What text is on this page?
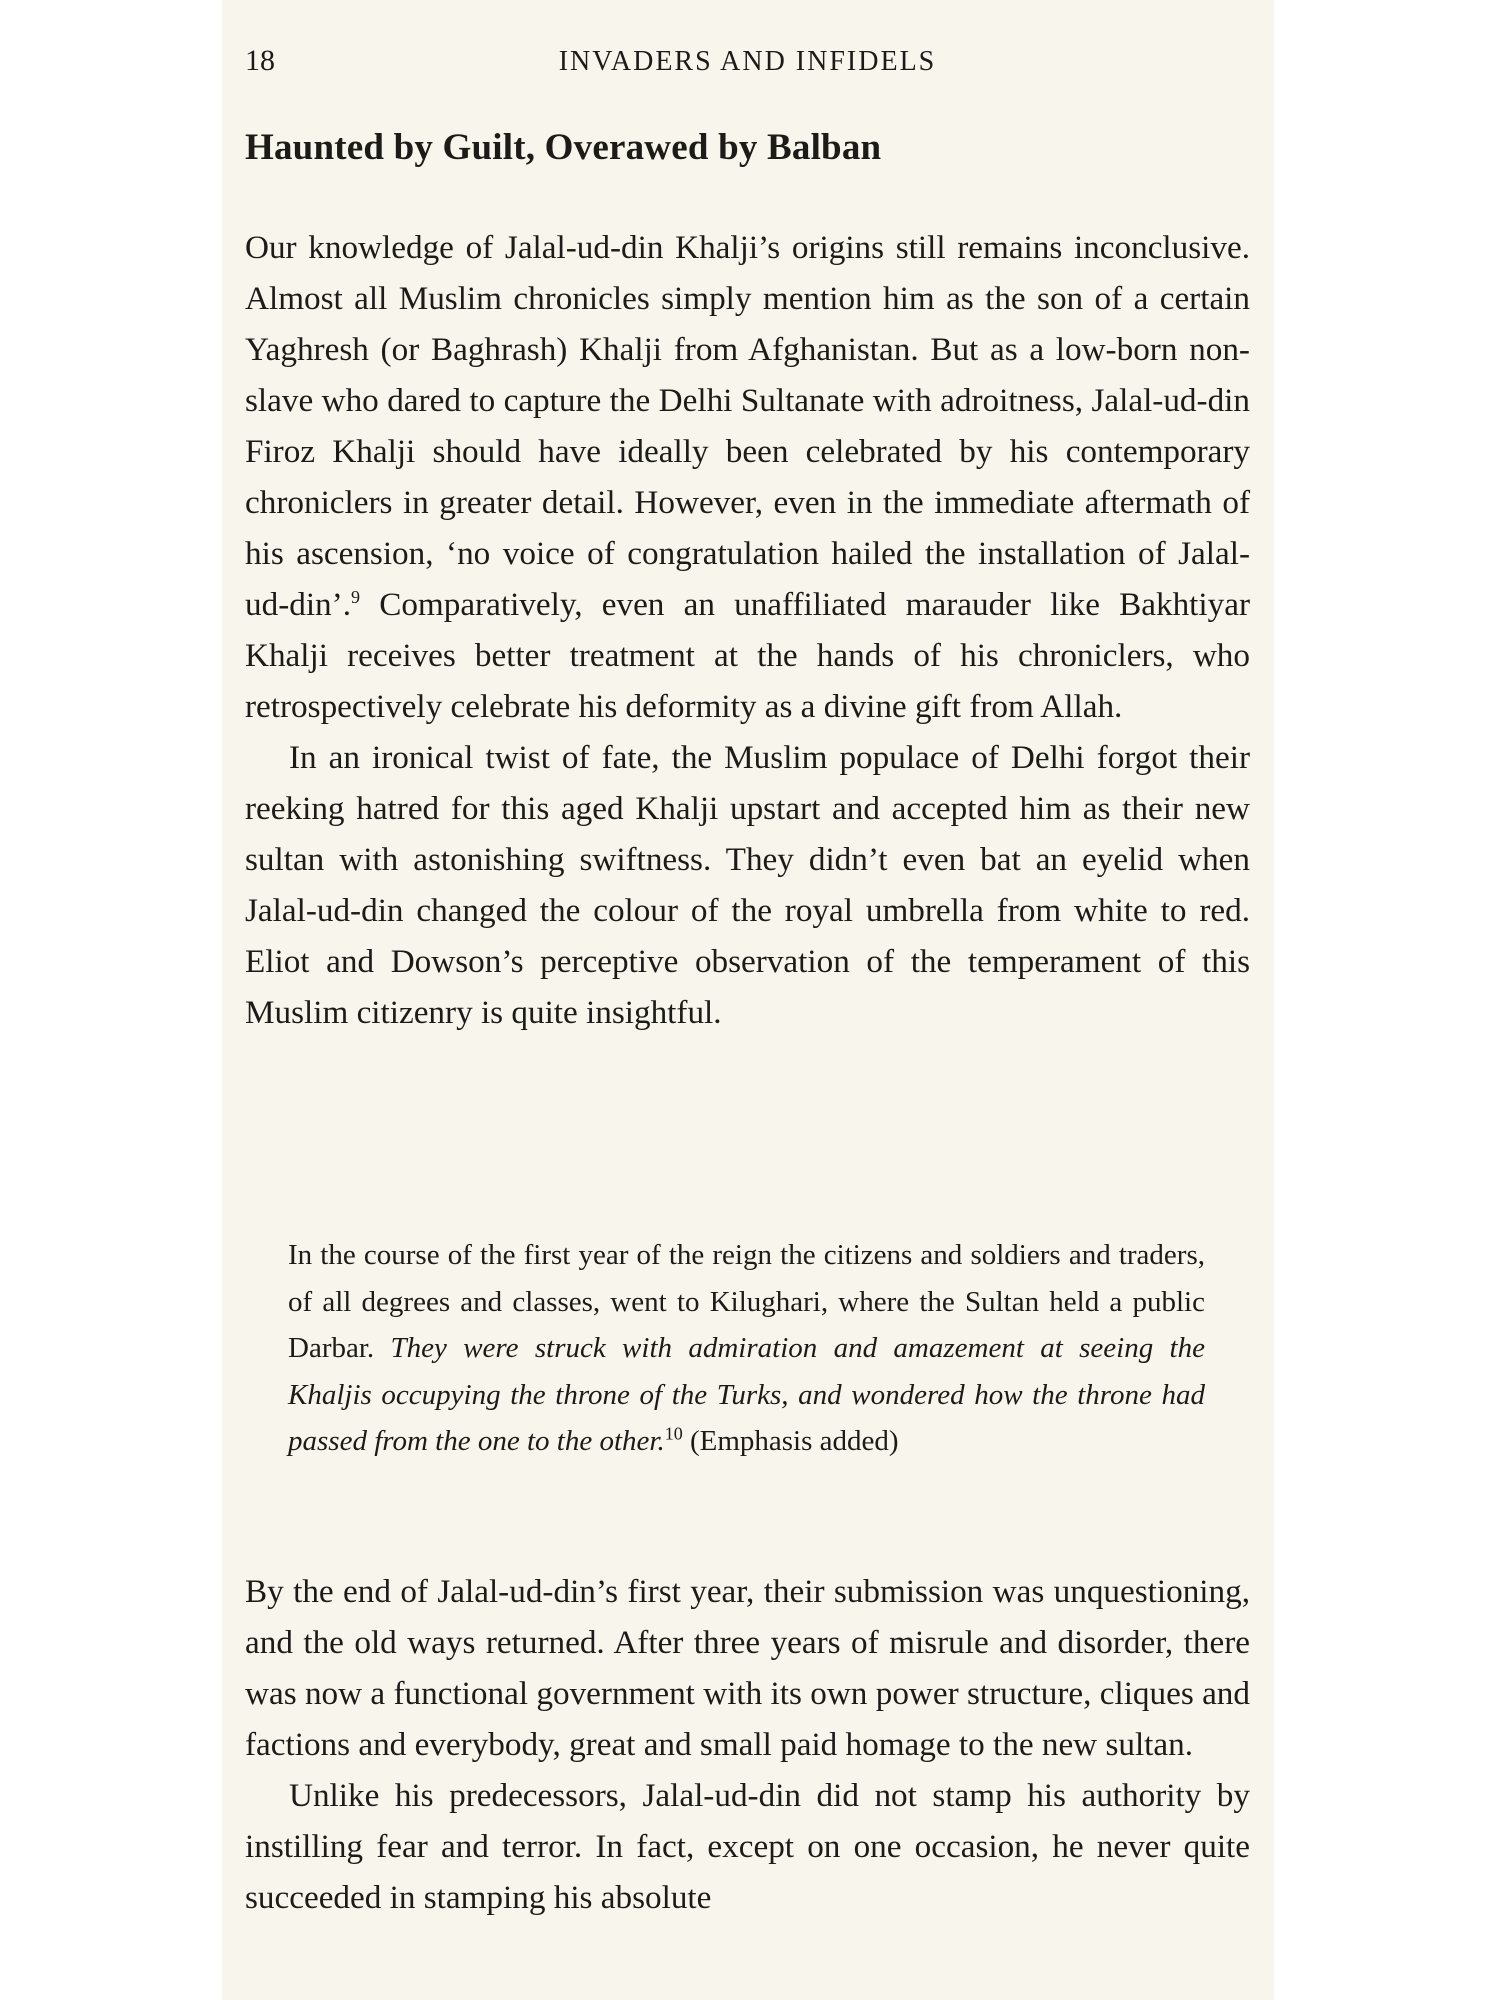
18	INVADERS AND INFIDELS
Haunted by Guilt, Overawed by Balban

Our knowledge of Jalal-ud-din Khalji’s origins still remains inconclusive. Almost all Muslim chronicles simply mention him as the son of a certain Yaghresh (or Baghrash) Khalji from Afghanistan. But as a low-born non-slave who dared to capture the Delhi Sultanate with adroitness, Jalal-ud-din Firoz Khalji should have ideally been celebrated by his contemporary chroniclers in greater detail. However, even in the immediate aftermath of his ascension, ‘no voice of congratulation hailed the installation of Jalal-ud-din’.$^9$ Comparatively, even an unaffiliated marauder like Bakhtiyar Khalji receives better treatment at the hands of his chroniclers, who retrospectively celebrate his deformity as a divine gift from Allah.

In an ironical twist of fate, the Muslim populace of Delhi forgot their reeking hatred for this aged Khalji upstart and accepted him as their new sultan with astonishing swiftness. They didn’t even bat an eyelid when Jalal-ud-din changed the colour of the royal umbrella from white to red. Eliot and Dowson’s perceptive observation of the temperament of this Muslim citizenry is quite insightful.

In the course of the first year of the reign the citizens and soldiers and traders, of all degrees and classes, went to Kilughari, where the Sultan held a public Darbar. They were struck with admiration and amazement at seeing the Khaljis occupying the throne of the Turks, and wondered how the throne had passed from the one to the other.$^{10}$ (Emphasis added)

By the end of Jalal-ud-din’s first year, their submission was unquestioning, and the old ways returned. After three years of misrule and disorder, there was now a functional government with its own power structure, cliques and factions and everybody, great and small paid homage to the new sultan.

Unlike his predecessors, Jalal-ud-din did not stamp his authority by instilling fear and terror. In fact, except on one occasion, he never quite succeeded in stamping his absolute
